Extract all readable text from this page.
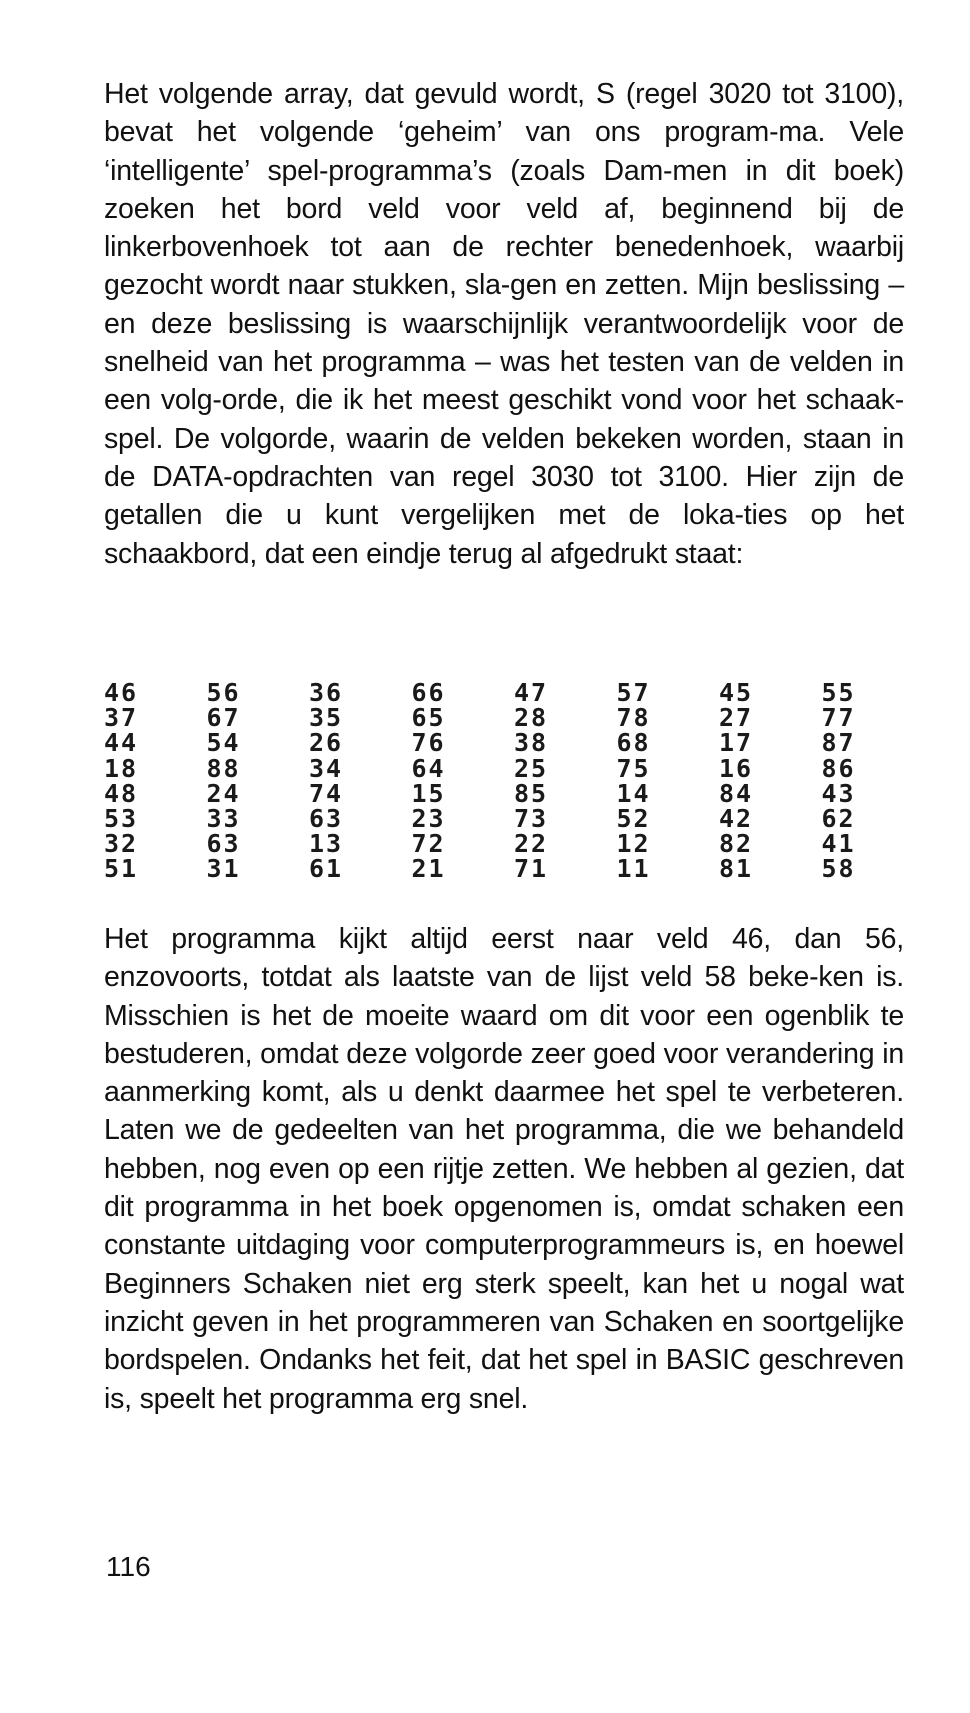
Het volgende array, dat gevuld wordt, S (regel 3020 tot 3100), bevat het volgende ‘geheim’ van ons program-ma. Vele ‘intelligente’ spel-programma’s (zoals Dam-men in dit boek) zoeken het bord veld voor veld af, beginnend bij de linkerbovenhoek tot aan de rechter benedenhoek, waarbij gezocht wordt naar stukken, sla-gen en zetten. Mijn beslissing – en deze beslissing is waarschijnlijk verantwoordelijk voor de snelheid van het programma – was het testen van de velden in een volg-orde, die ik het meest geschikt vond voor het schaak-spel. De volgorde, waarin de velden bekeken worden, staan in de DATA-opdrachten van regel 3030 tot 3100. Hier zijn de getallen die u kunt vergelijken met de loka-ties op het schaakbord, dat een eindje terug al afgedrukt staat:

46	56	36	66	47	57	45	55
37	67	35	65	28	78	27	77
44	54	26	76	38	68	17	87
18	88	34	64	25	75	16	86
48	24	74	15	85	14	84	43
53	33	63	23	73	52	42	62
32	63	13	72	22	12	82	41
51	31	61	21	71	11	81	58

Het programma kijkt altijd eerst naar veld 46, dan 56, enzovoorts, totdat als laatste van de lijst veld 58 beke-ken is. Misschien is het de moeite waard om dit voor een ogenblik te bestuderen, omdat deze volgorde zeer goed voor verandering in aanmerking komt, als u denkt daarmee het spel te verbeteren. Laten we de gedeelten van het programma, die we behandeld hebben, nog even op een rijtje zetten. We hebben al gezien, dat dit programma in het boek opgenomen is, omdat schaken een constante uitdaging voor computerprogrammeurs is, en hoewel Beginners Schaken niet erg sterk speelt, kan het u nogal wat inzicht geven in het programmeren van Schaken en soortgelijke bordspelen. Ondanks het feit, dat het spel in BASIC geschreven is, speelt het programma erg snel.

116
